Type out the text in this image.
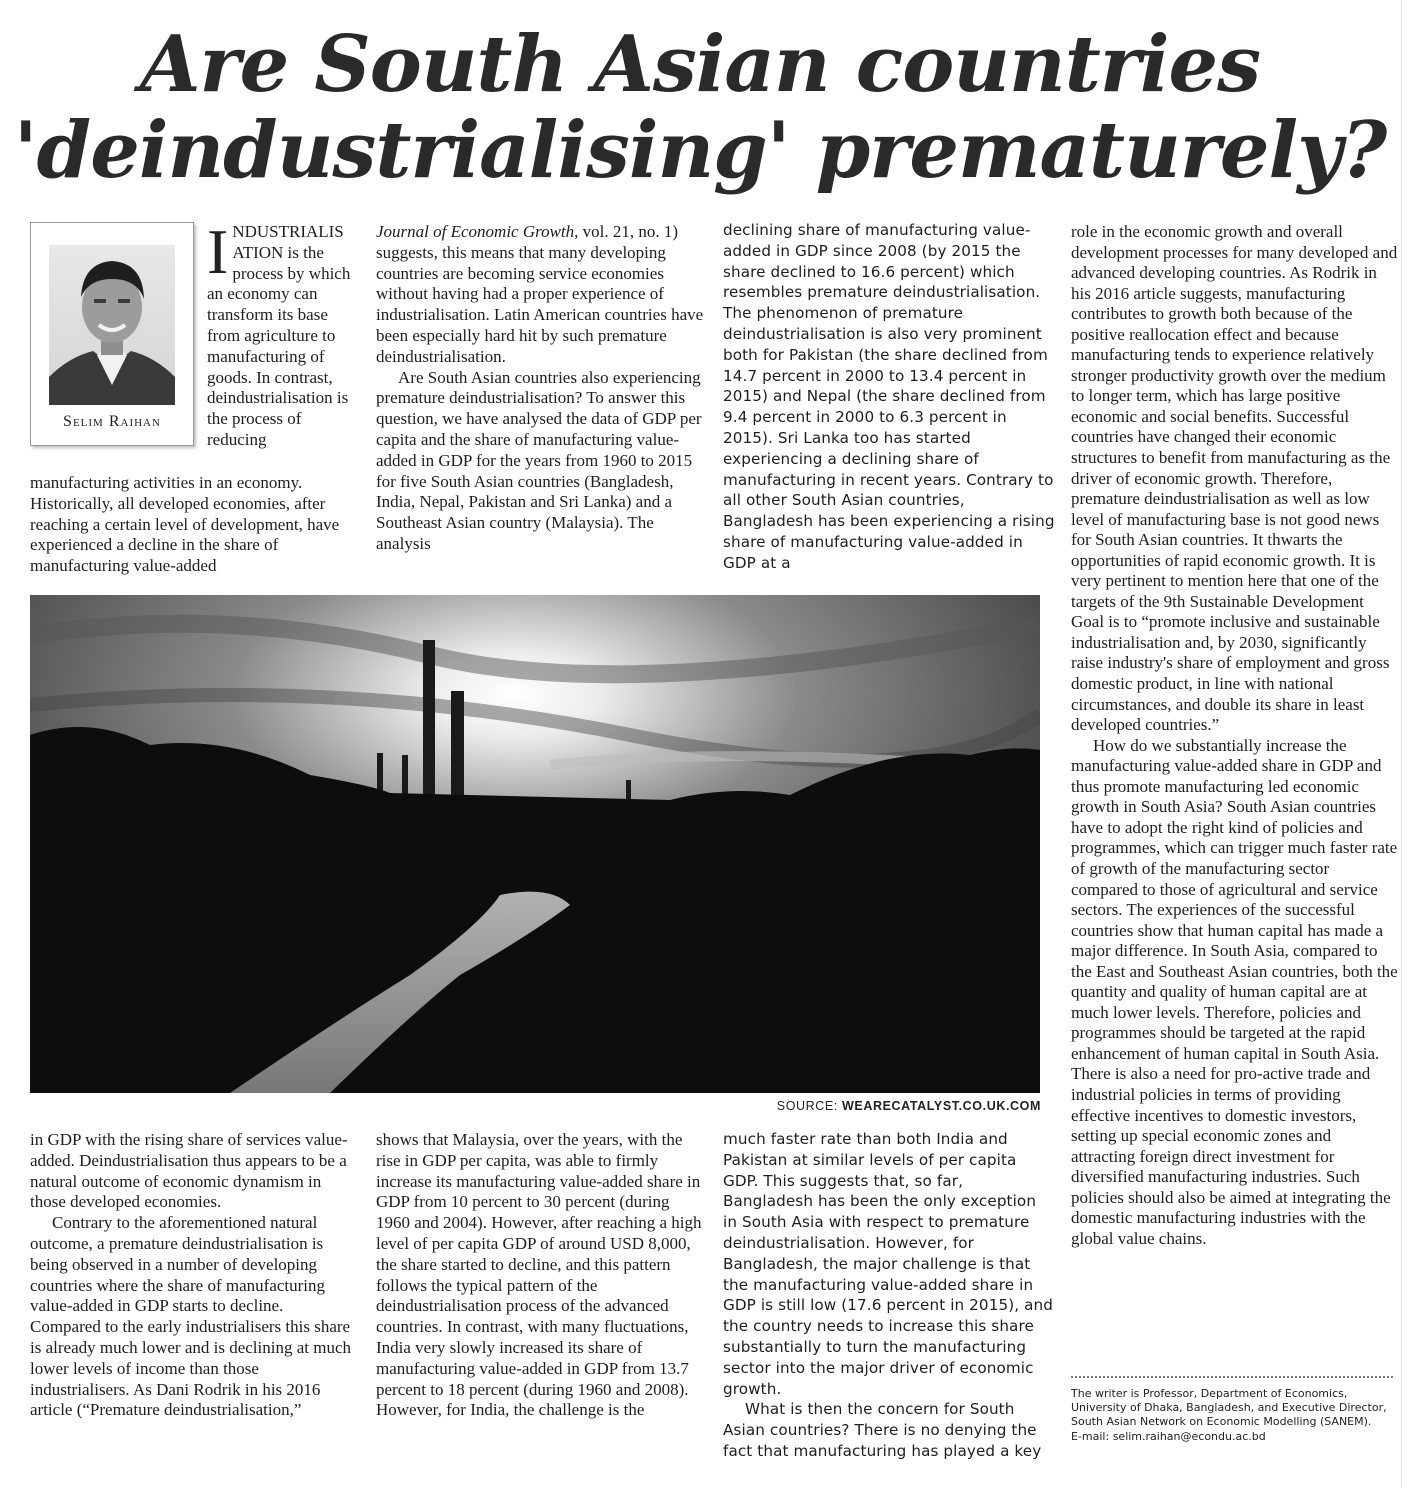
Are South Asian countries
'deindustrialising' prematurely?
Selim Raihan
INDUSTRIALIS ATION is the process by which an economy can transform its base from agriculture to manufacturing of goods. In contrast, deindustrialisation is the process of reducing

manufacturing activities in an economy. Historically, all developed economies, after reaching a certain level of development, have experienced a decline in the share of manufacturing value-added

Journal of Economic Growth, vol. 21, no. 1) suggests, this means that many developing countries are becoming service economies without having had a proper experience of industrialisation. Latin American countries have been especially hard hit by such premature deindustrialisation.

Are South Asian countries also experiencing premature deindustrialisation? To answer this question, we have analysed the data of GDP per capita and the share of manufacturing value-added in GDP for the years from 1960 to 2015 for five South Asian countries (Bangladesh, India, Nepal, Pakistan and Sri Lanka) and a Southeast Asian country (Malaysia). The analysis

declining share of manufacturing value-added in GDP since 2008 (by 2015 the share declined to 16.6 percent) which resembles premature deindustrialisation. The phenomenon of premature deindustrialisation is also very prominent both for Pakistan (the share declined from 14.7 percent in 2000 to 13.4 percent in 2015) and Nepal (the share declined from 9.4 percent in 2000 to 6.3 percent in 2015). Sri Lanka too has started experiencing a declining share of manufacturing in recent years. Contrary to all other South Asian countries, Bangladesh has been experiencing a rising share of manufacturing value-added in GDP at a

role in the economic growth and overall development processes for many developed and advanced developing countries. As Rodrik in his 2016 article suggests, manufacturing contributes to growth both because of the positive reallocation effect and because manufacturing tends to experience relatively stronger productivity growth over the medium to longer term, which has large positive economic and social benefits. Successful countries have changed their economic structures to benefit from manufacturing as the driver of economic growth. Therefore, premature deindustrialisation as well as low level of manufacturing base is not good news for South Asian countries. It thwarts the opportunities of rapid economic growth. It is very pertinent to mention here that one of the targets of the 9th Sustainable Development Goal is to “promote inclusive and sustainable industrialisation and, by 2030, significantly raise industry's share of employment and gross domestic product, in line with national circumstances, and double its share in least developed countries.”

How do we substantially increase the manufacturing value-added share in GDP and thus promote manufacturing led economic growth in South Asia? South Asian countries have to adopt the right kind of policies and programmes, which can trigger much faster rate of growth of the manufacturing sector compared to those of agricultural and service sectors. The experiences of the successful countries show that human capital has made a major difference. In South Asia, compared to the East and Southeast Asian countries, both the quantity and quality of human capital are at much lower levels. Therefore, policies and programmes should be targeted at the rapid enhancement of human capital in South Asia. There is also a need for pro-active trade and industrial policies in terms of providing effective incentives to domestic investors, setting up special economic zones and attracting foreign direct investment for diversified manufacturing industries. Such policies should also be aimed at integrating the domestic manufacturing industries with the global value chains.

SOURCE: WEARECATALYST.CO.UK.COM

in GDP with the rising share of services value-added. Deindustrialisation thus appears to be a natural outcome of economic dynamism in those developed economies.

Contrary to the aforementioned natural outcome, a premature deindustrialisation is being observed in a number of developing countries where the share of manufacturing value-added in GDP starts to decline. Compared to the early industrialisers this share is already much lower and is declining at much lower levels of income than those industrialisers. As Dani Rodrik in his 2016 article (“Premature deindustrialisation,”

shows that Malaysia, over the years, with the rise in GDP per capita, was able to firmly increase its manufacturing value-added share in GDP from 10 percent to 30 percent (during 1960 and 2004). However, after reaching a high level of per capita GDP of around USD 8,000, the share started to decline, and this pattern follows the typical pattern of the deindustrialisation process of the advanced countries. In contrast, with many fluctuations, India very slowly increased its share of manufacturing value-added in GDP from 13.7 percent to 18 percent (during 1960 and 2008). However, for India, the challenge is the

much faster rate than both India and Pakistan at similar levels of per capita GDP. This suggests that, so far, Bangladesh has been the only exception in South Asia with respect to premature deindustrialisation. However, for Bangladesh, the major challenge is that the manufacturing value-added share in GDP is still low (17.6 percent in 2015), and the country needs to increase this share substantially to turn the manufacturing sector into the major driver of economic growth.

What is then the concern for South Asian countries? There is no denying the fact that manufacturing has played a key

The writer is Professor, Department of Economics, University of Dhaka, Bangladesh, and Executive Director, South Asian Network on Economic Modelling (SANEM).
E-mail: selim.raihan@econdu.ac.bd
